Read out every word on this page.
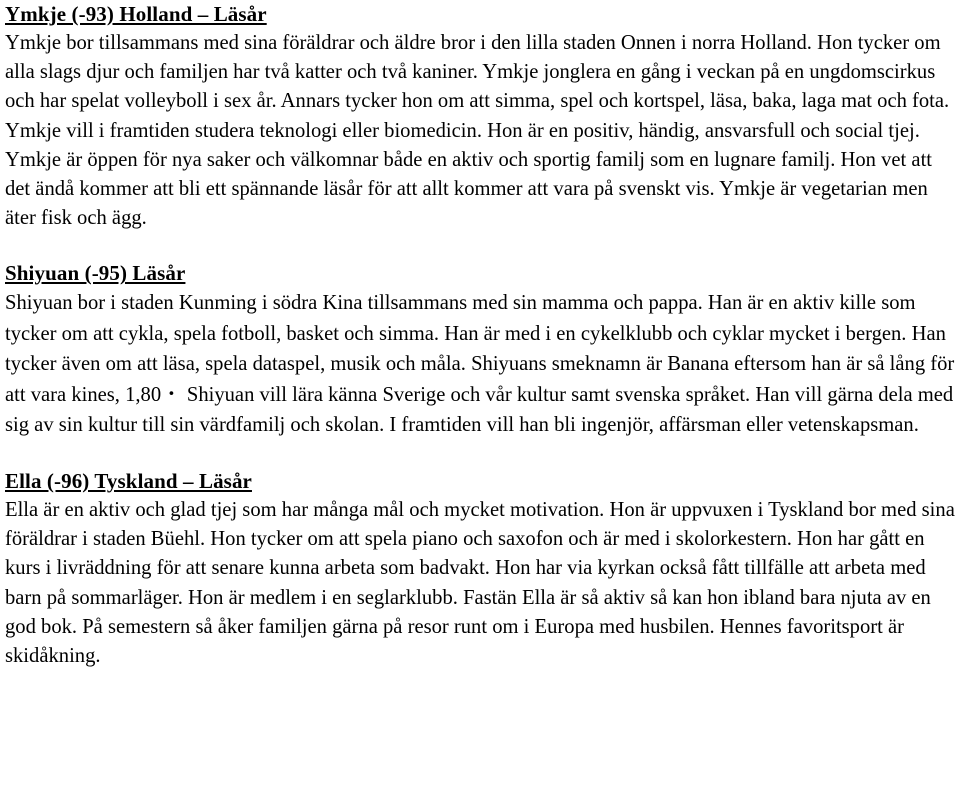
Ymkje (-93) Holland – Läsår

Ymkje bor tillsammans med sina föräldrar och äldre bror i den lilla staden Onnen i norra Holland. Hon tycker om alla slags djur och familjen har två katter och två kaniner. Ymkje jonglera en gång i veckan på en ungdomscirkus och har spelat volleyboll i sex år. Annars tycker hon om att simma, spel och kortspel, läsa, baka, laga mat och fota. Ymkje vill i framtiden studera teknologi eller biomedicin. Hon är en positiv, händig, ansvarsfull och social tjej. Ymkje är öppen för nya saker och välkomnar både en aktiv och sportig familj som en lugnare familj. Hon vet att det ändå kommer att bli ett spännande läsår för att allt kommer att vara på svenskt vis. Ymkje är vegetarian men äter fisk och ägg.

Shiyuan (-95) Läsår

Shiyuan bor i staden Kunming i södra Kina tillsammans med sin mamma och pappa. Han är en aktiv kille som tycker om att cykla, spela fotboll, basket och simma. Han är med i en cykelklubb och cyklar mycket i bergen. Han tycker även om att läsa, spela dataspel, musik och måla. Shiyuans smeknamn är Banana eftersom han är så lång för att vara kines, 1,80・ Shiyuan vill lära känna Sverige och vår kultur samt svenska språket. Han vill gärna dela med sig av sin kultur till sin värdfamilj och skolan. I framtiden vill han bli ingenjör, affärsman eller vetenskapsman.

Ella (-96) Tyskland – Läsår

Ella är en aktiv och glad tjej som har många mål och mycket motivation. Hon är uppvuxen i Tyskland bor med sina föräldrar i staden Büehl. Hon tycker om att spela piano och saxofon och är med i skolorkestern. Hon har gått en kurs i livräddning för att senare kunna arbeta som badvakt. Hon har via kyrkan också fått tillfälle att arbeta med barn på sommarläger. Hon är medlem i en seglarklubb. Fastän Ella är så aktiv så kan hon ibland bara njuta av en god bok. På semestern så åker familjen gärna på resor runt om i Europa med husbilen. Hennes favoritsport är skidåkning.
